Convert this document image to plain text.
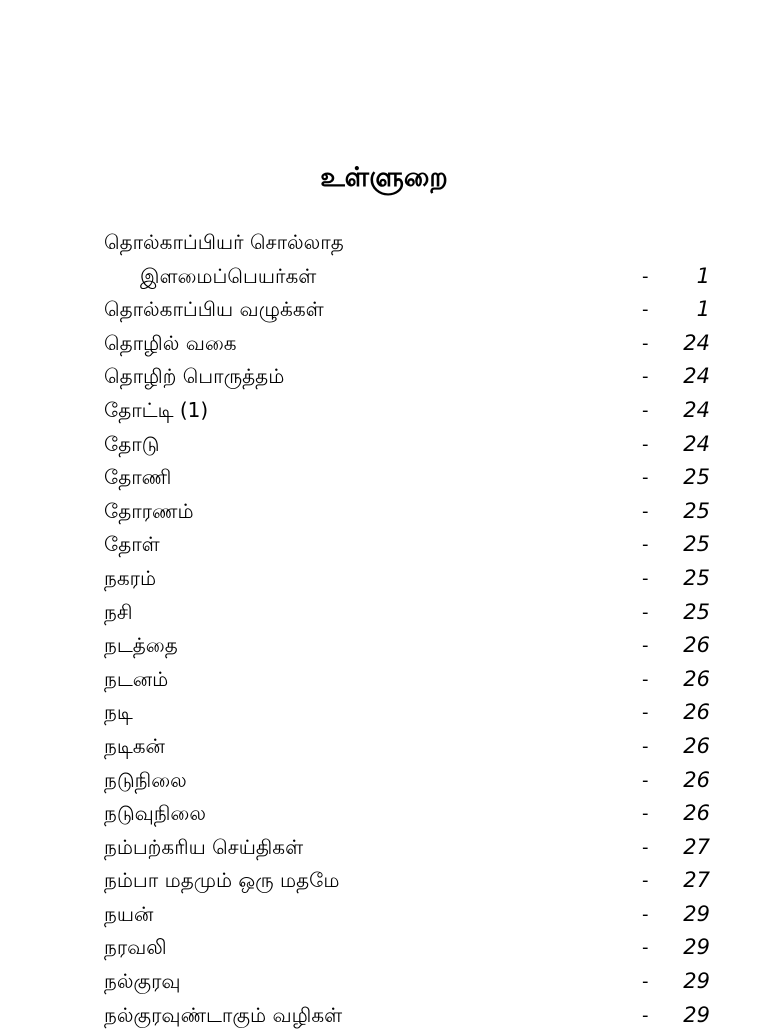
உள்ளுறை
தொல்காப்பியர் சொல்லாத
இளமைப்பெயர்கள்	- 1
தொல்காப்பிய வழுக்கள்	- 1
தொழில் வகை	- 24
தொழிற் பொருத்தம்	- 24
தோட்டி (1)	- 24
தோடு	- 24
தோணி	- 25
தோரணம்	- 25
தோள்	- 25
நகரம்	- 25
நசி	- 25
நடத்தை	- 26
நடனம்	- 26
நடி	- 26
நடிகன்	- 26
நடுநிலை	- 26
நடுவுநிலை	- 26
நம்பற்கரிய செய்திகள்	- 27
நம்பா மதமும் ஒரு மதமே	- 27
நயன்	- 29
நரவலி	- 29
நல்குரவு	- 29
நல்குரவுண்டாகும் வழிகள்	- 29
